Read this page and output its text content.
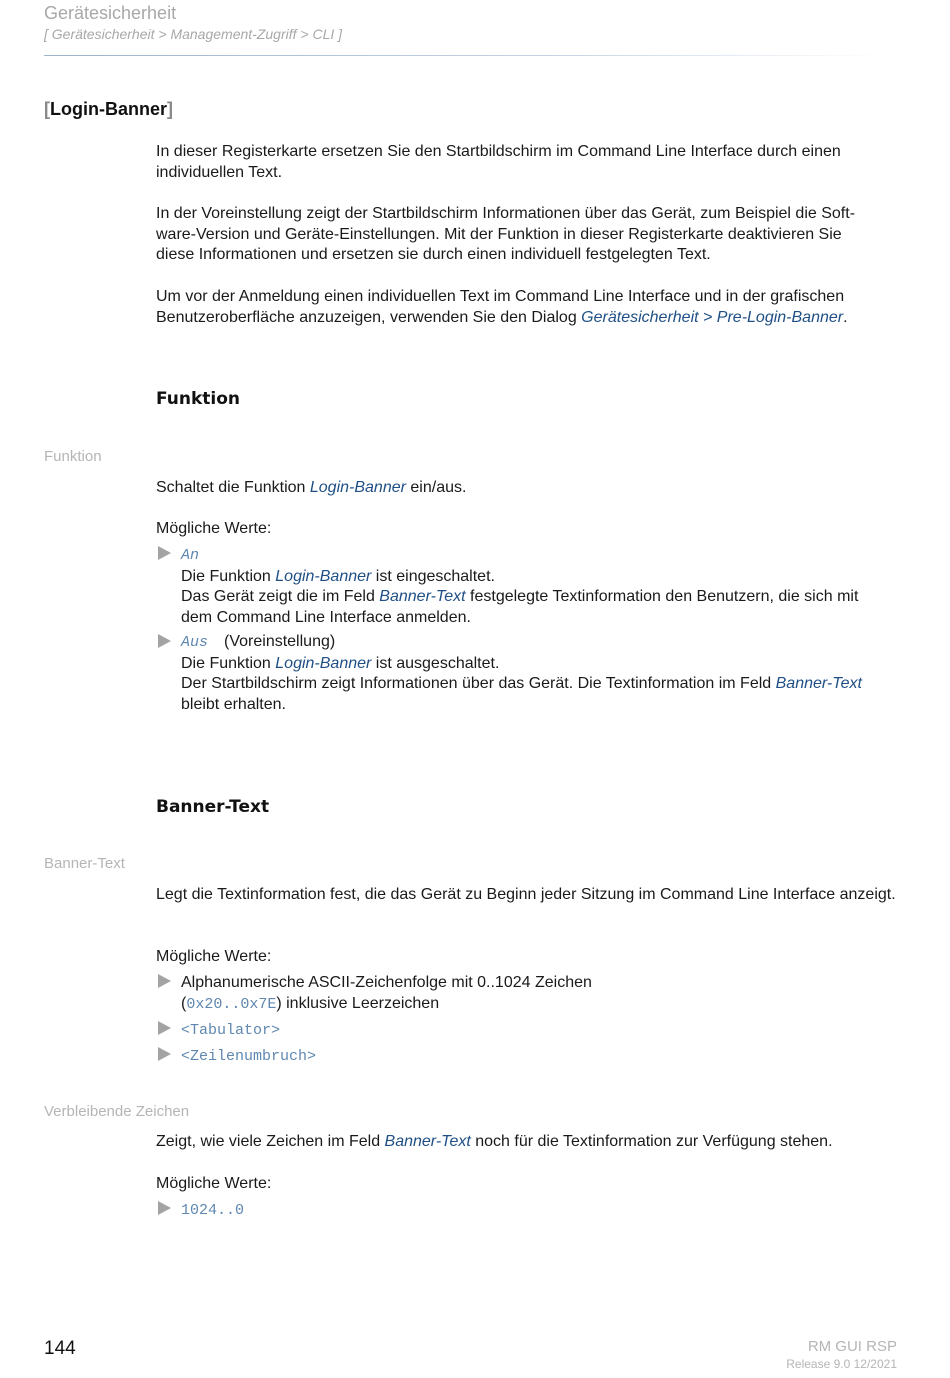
Gerätesicherheit
[ Gerätesicherheit > Management-Zugriff > CLI ]
[Login-Banner]
In dieser Registerkarte ersetzen Sie den Startbildschirm im Command Line Interface durch einen individuellen Text.
In der Voreinstellung zeigt der Startbildschirm Informationen über das Gerät, zum Beispiel die Soft-
ware-Version und Geräte-Einstellungen. Mit der Funktion in dieser Registerkarte deaktivieren Sie
diese Informationen und ersetzen sie durch einen individuell festgelegten Text.
Um vor der Anmeldung einen individuellen Text im Command Line Interface und in der grafischen
Benutzeroberfläche anzuzeigen, verwenden Sie den Dialog Gerätesicherheit > Pre-Login-Banner.
Funktion
Funktion
Schaltet die Funktion Login-Banner ein/aus.
Mögliche Werte:
An
Die Funktion Login-Banner ist eingeschaltet.
Das Gerät zeigt die im Feld Banner-Text festgelegte Textinformation den Benutzern, die sich mit
dem Command Line Interface anmelden.
Aus (Voreinstellung)
Die Funktion Login-Banner ist ausgeschaltet.
Der Startbildschirm zeigt Informationen über das Gerät. Die Textinformation im Feld Banner-Text
bleibt erhalten.
Banner-Text
Banner-Text
Legt die Textinformation fest, die das Gerät zu Beginn jeder Sitzung im Command Line Interface anzeigt.
Mögliche Werte:
Alphanumerische ASCII-Zeichenfolge mit 0..1024 Zeichen
(0x20..0x7E) inklusive Leerzeichen
<Tabulator>
<Zeilenumbruch>
Verbleibende Zeichen
Zeigt, wie viele Zeichen im Feld Banner-Text noch für die Textinformation zur Verfügung stehen.
Mögliche Werte:
1024..0
144	RM GUI RSP
Release 9.0 12/2021
